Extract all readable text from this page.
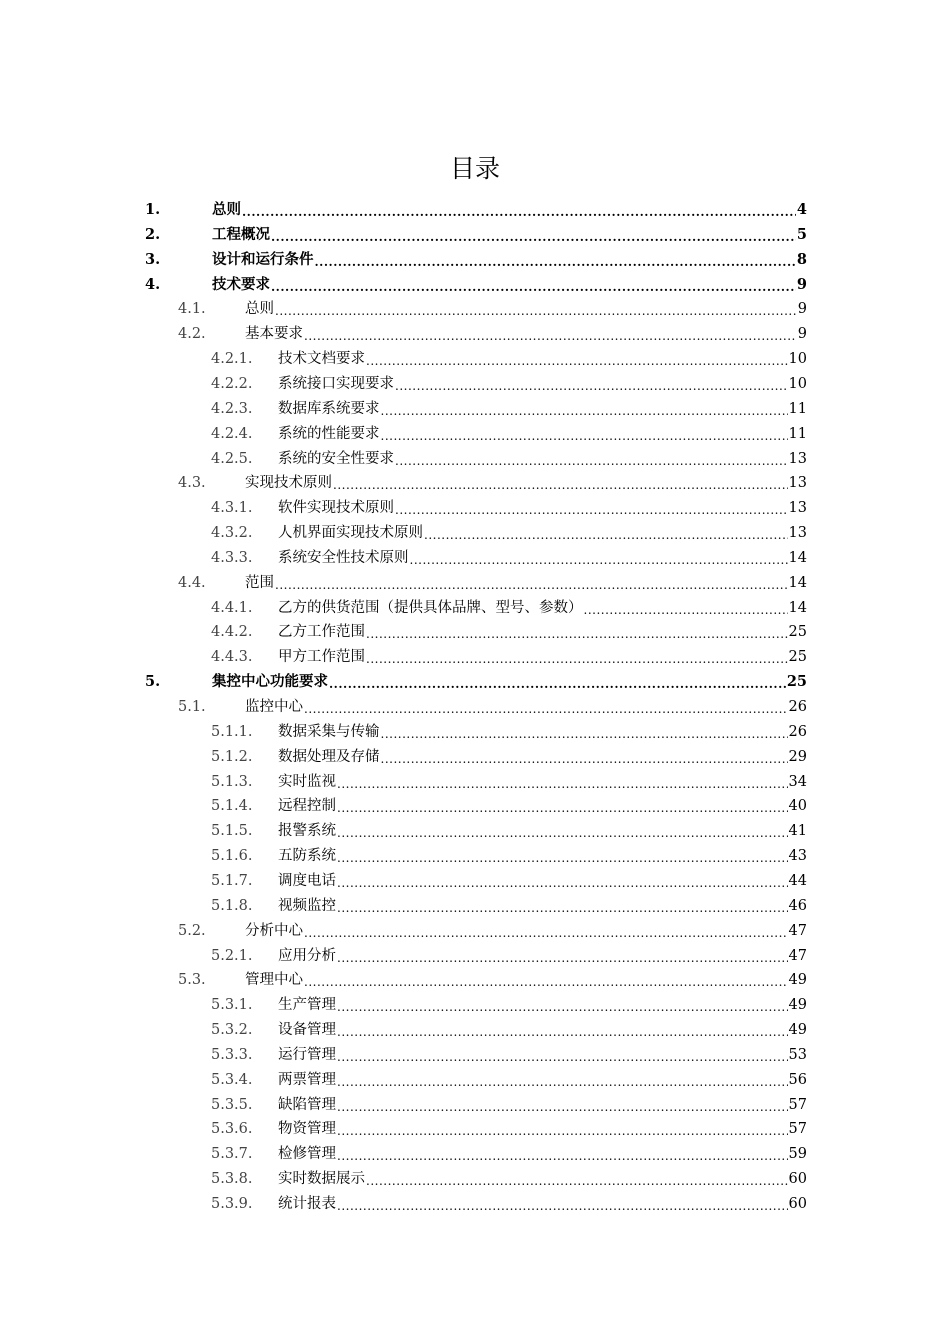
目录
1.	总则 .....	4
2.	工程概况 .....	5
3.	设计和运行条件 .....	8
4.	技术要求 .....	9
4.1.	总则 .....	9
4.2.	基本要求 .....	9
4.2.1.	技术文档要求 .....	10
4.2.2.	系统接口实现要求 .....	10
4.2.3.	数据库系统要求 .....	11
4.2.4.	系统的性能要求 .....	11
4.2.5.	系统的安全性要求 .....	13
4.3.	实现技术原则 .....	13
4.3.1.	软件实现技术原则 .....	13
4.3.2.	人机界面实现技术原则 .....	13
4.3.3.	系统安全性技术原则 .....	14
4.4.	范围 .....	14
4.4.1.	乙方的供货范围（提供具体品牌、型号、参数） .....	14
4.4.2.	乙方工作范围 .....	25
4.4.3.	甲方工作范围 .....	25
5.	集控中心功能要求 .....	25
5.1.	监控中心 .....	26
5.1.1.	数据采集与传输 .....	26
5.1.2.	数据处理及存储 .....	29
5.1.3.	实时监视 .....	34
5.1.4.	远程控制 .....	40
5.1.5.	报警系统 .....	41
5.1.6.	五防系统 .....	43
5.1.7.	调度电话 .....	44
5.1.8.	视频监控 .....	46
5.2.	分析中心 .....	47
5.2.1.	应用分析 .....	47
5.3.	管理中心 .....	49
5.3.1.	生产管理 .....	49
5.3.2.	设备管理 .....	49
5.3.3.	运行管理 .....	53
5.3.4.	两票管理 .....	56
5.3.5.	缺陷管理 .....	57
5.3.6.	物资管理 .....	57
5.3.7.	检修管理 .....	59
5.3.8.	实时数据展示 .....	60
5.3.9.	统计报表 .....	60
